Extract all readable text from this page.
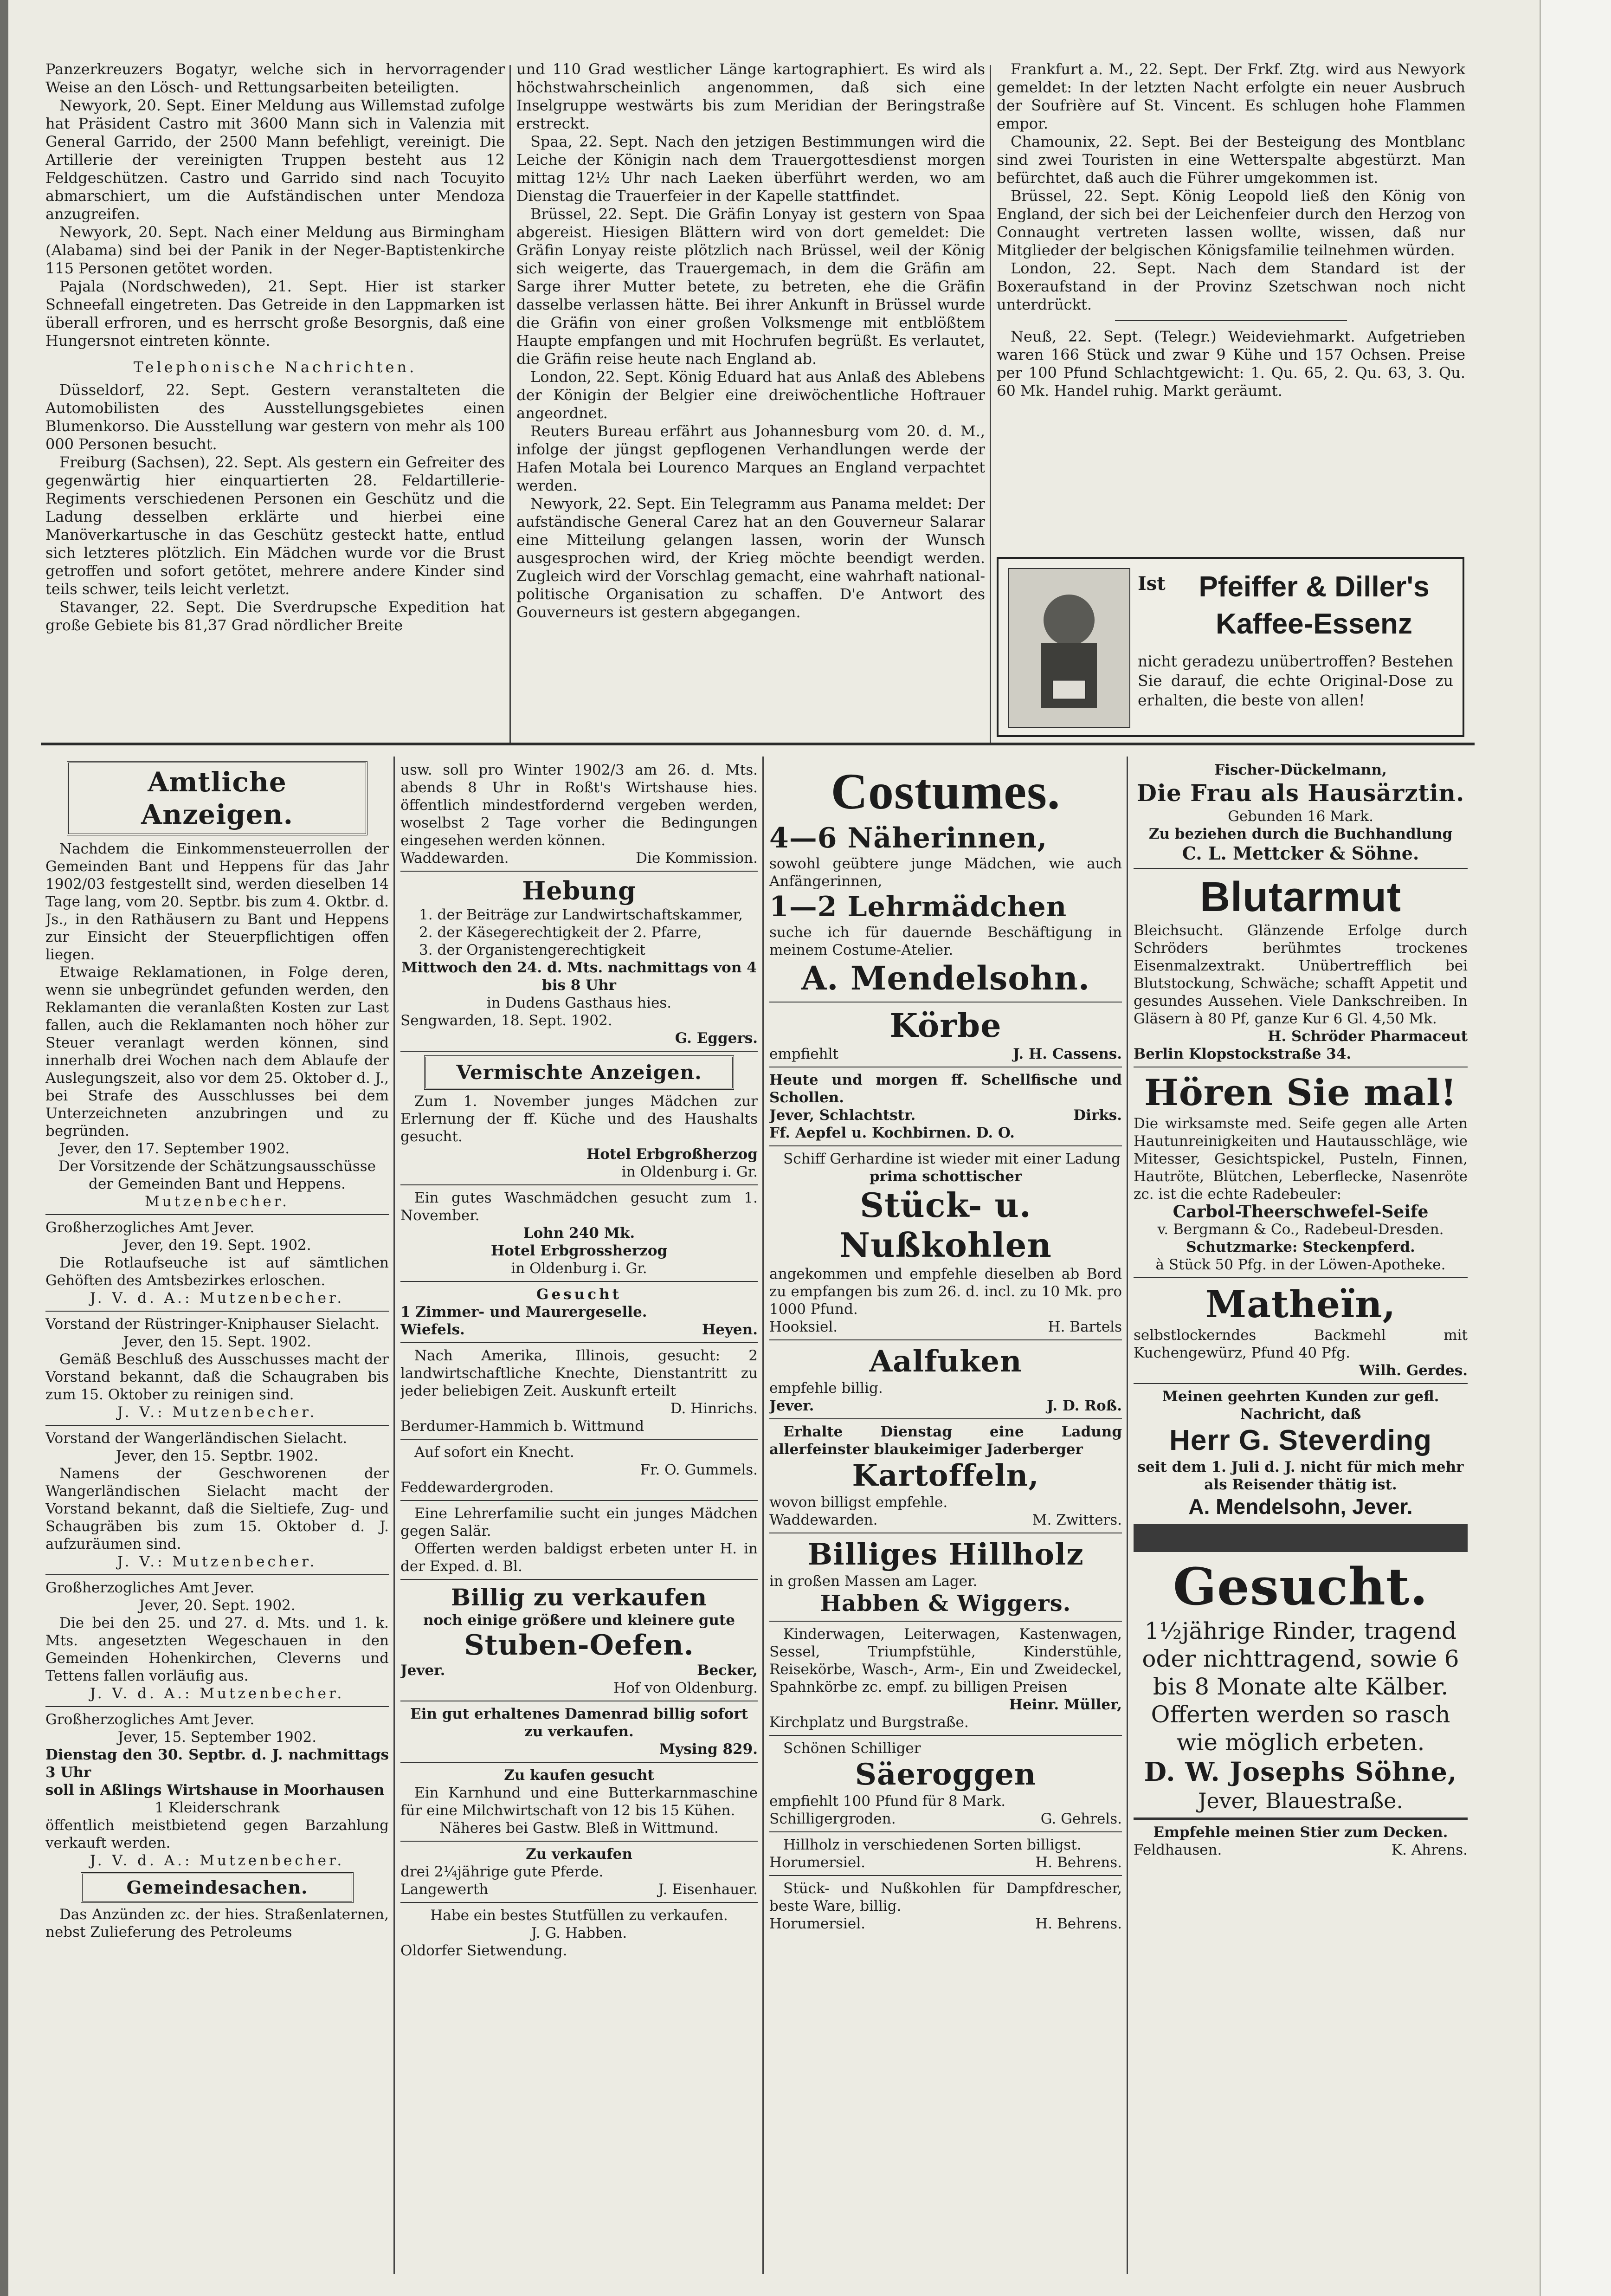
Panzerkreuzers Bogatyr, welche sich in hervorragender Weise an den Lösch- und Rettungsarbeiten beteiligten.

Newyork, 20. Sept. Einer Meldung aus Willemstad zufolge hat Präsident Castro mit 3600 Mann sich in Valenzia mit General Garrido, der 2500 Mann befehligt, vereinigt. Die Artillerie der vereinigten Truppen besteht aus 12 Feldgeschützen. Castro und Garrido sind nach Tocuyito abmarschiert, um die Aufständischen unter Mendoza anzugreifen.

Newyork, 20. Sept. Nach einer Meldung aus Birmingham (Alabama) sind bei der Panik in der Neger-Baptistenkirche 115 Personen getötet worden.

Pajala (Nordschweden), 21. Sept. Hier ist starker Schneefall eingetreten. Das Getreide in den Lappmarken ist überall erfroren, und es herrscht große Besorgnis, daß eine Hungersnot eintreten könnte.

Telephonische Nachrichten.

Düsseldorf, 22. Sept. Gestern veranstalteten die Automobilisten des Ausstellungsgebietes einen Blumenkorso. Die Ausstellung war gestern von mehr als 100 000 Personen besucht.

Freiburg (Sachsen), 22. Sept. Als gestern ein Gefreiter des gegenwärtig hier einquartierten 28. Feldartillerie-Regiments verschiedenen Personen ein Geschütz und die Ladung desselben erklärte und hierbei eine Manöverkartusche in das Geschütz gesteckt hatte, entlud sich letzteres plötzlich. Ein Mädchen wurde vor die Brust getroffen und sofort getötet, mehrere andere Kinder sind teils schwer, teils leicht verletzt.

Stavanger, 22. Sept. Die Sverdrupsche Expedition hat große Gebiete bis 81,37 Grad nördlicher Breite

und 110 Grad westlicher Länge kartographiert. Es wird als höchstwahrscheinlich angenommen, daß sich eine Inselgruppe westwärts bis zum Meridian der Beringstraße erstreckt.

Spaa, 22. Sept. Nach den jetzigen Bestimmungen wird die Leiche der Königin nach dem Trauergottesdienst morgen mittag 12½ Uhr nach Laeken überführt werden, wo am Dienstag die Trauerfeier in der Kapelle stattfindet.

Brüssel, 22. Sept. Die Gräfin Lonyay ist gestern von Spaa abgereist. Hiesigen Blättern wird von dort gemeldet: Die Gräfin Lonyay reiste plötzlich nach Brüssel, weil der König sich weigerte, das Trauergemach, in dem die Gräfin am Sarge ihrer Mutter betete, zu betreten, ehe die Gräfin dasselbe verlassen hätte. Bei ihrer Ankunft in Brüssel wurde die Gräfin von einer großen Volksmenge mit entblößtem Haupte empfangen und mit Hochrufen begrüßt. Es verlautet, die Gräfin reise heute nach England ab.

London, 22. Sept. König Eduard hat aus Anlaß des Ablebens der Königin der Belgier eine dreiwöchentliche Hoftrauer angeordnet.

Reuters Bureau erfährt aus Johannesburg vom 20. d. M., infolge der jüngst gepflogenen Verhandlungen werde der Hafen Motala bei Lourenco Marques an England verpachtet werden.

Newyork, 22. Sept. Ein Telegramm aus Panama meldet: Der aufständische General Carez hat an den Gouverneur Salarar eine Mitteilung gelangen lassen, worin der Wunsch ausgesprochen wird, der Krieg möchte beendigt werden. Zugleich wird der Vorschlag gemacht, eine wahrhaft national-politische Organisation zu schaffen. D'e Antwort des Gouverneurs ist gestern abgegangen.

Frankfurt a. M., 22. Sept. Der Frkf. Ztg. wird aus Newyork gemeldet: In der letzten Nacht erfolgte ein neuer Ausbruch der Soufrière auf St. Vincent. Es schlugen hohe Flammen empor.

Chamounix, 22. Sept. Bei der Besteigung des Montblanc sind zwei Touristen in eine Wetterspalte abgestürzt. Man befürchtet, daß auch die Führer umgekommen ist.

Brüssel, 22. Sept. König Leopold ließ den König von England, der sich bei der Leichenfeier durch den Herzog von Connaught vertreten lassen wollte, wissen, daß nur Mitglieder der belgischen Königsfamilie teilnehmen würden.

London, 22. Sept. Nach dem Standard ist der Boxeraufstand in der Provinz Szetschwan noch nicht unterdrückt.

Neuß, 22. Sept. (Telegr.) Weideviehmarkt. Aufgetrieben waren 166 Stück und zwar 9 Kühe und 157 Ochsen. Preise per 100 Pfund Schlachtgewicht: 1. Qu. 65, 2. Qu. 63, 3. Qu. 60 Mk. Handel ruhig. Markt geräumt.

Ist	Pfeiffer & Diller's
Kaffee-Essenz
nicht geradezu unübertroffen? Bestehen Sie darauf, die echte Original-Dose zu erhalten, die beste von allen!
Amtliche Anzeigen.

Nachdem die Einkommensteuerrollen der Gemeinden Bant und Heppens für das Jahr 1902/03 festgestellt sind, werden dieselben 14 Tage lang, vom 20. Septbr. bis zum 4. Oktbr. d. Js., in den Rathäusern zu Bant und Heppens zur Einsicht der Steuerpflichtigen offen liegen.

Etwaige Reklamationen, in Folge deren, wenn sie unbegründet gefunden werden, den Reklamanten die veranlaßten Kosten zur Last fallen, auch die Reklamanten noch höher zur Steuer veranlagt werden können, sind innerhalb drei Wochen nach dem Ablaufe der Auslegungszeit, also vor dem 25. Oktober d. J., bei Strafe des Ausschlusses bei dem Unterzeichneten anzubringen und zu begründen.

Jever, den 17. September 1902.

Der Vorsitzende der Schätzungsausschüsse der Gemeinden Bant und Heppens.

Mutzenbecher.

Großherzogliches Amt Jever.

Jever, den 19. Sept. 1902.

Die Rotlaufseuche ist auf sämtlichen Gehöften des Amtsbezirkes erloschen.

J. V. d. A.: Mutzenbecher.

Vorstand der Rüstringer-Kniphauser Sielacht.

Jever, den 15. Sept. 1902.

Gemäß Beschluß des Ausschusses macht der Vorstand bekannt, daß die Schaugraben bis zum 15. Oktober zu reinigen sind.

J. V.: Mutzenbecher.

Vorstand der Wangerländischen Sielacht.

Jever, den 15. Septbr. 1902.

Namens der Geschworenen der Wangerländischen Sielacht macht der Vorstand bekannt, daß die Sieltiefe, Zug- und Schaugräben bis zum 15. Oktober d. J. aufzuräumen sind.

J. V.: Mutzenbecher.

Großherzogliches Amt Jever.

Jever, 20. Sept. 1902.

Die bei den 25. und 27. d. Mts. und 1. k. Mts. angesetzten Wegeschauen in den Gemeinden Hohenkirchen, Cleverns und Tettens fallen vorläufig aus.

J. V. d. A.: Mutzenbecher.

Großherzogliches Amt Jever.

Jever, 15. September 1902.

Dienstag den 30. Septbr. d. J. nachmittags 3 Uhr

soll in Aßlings Wirtshause in Moorhausen

1 Kleiderschrank

öffentlich meistbietend gegen Barzahlung verkauft werden.

J. V. d. A.: Mutzenbecher.

Gemeindesachen.

Das Anzünden zc. der hies. Straßenlaternen, nebst Zulieferung des Petroleums

usw. soll pro Winter 1902/3 am 26. d. Mts. abends 8 Uhr in Roßt's Wirtshause hies. öffentlich mindestfordernd vergeben werden, woselbst 2 Tage vorher die Bedingungen eingesehen werden können.

Waddewarden.	Die Kommission.
Hebung

1. der Beiträge zur Landwirtschaftskammer,

2. der Käsegerechtigkeit der 2. Pfarre,

3. der Organistengerechtigkeit

Mittwoch den 24. d. Mts. nachmittags von 4 bis 8 Uhr

in Dudens Gasthaus hies.

Sengwarden, 18. Sept. 1902.

G. Eggers.

Vermischte Anzeigen.

Zum 1. November junges Mädchen zur Erlernung der ff. Küche und des Haushalts gesucht.

Hotel Erbgroßherzog

in Oldenburg i. Gr.

Ein gutes Waschmädchen gesucht zum 1. November.

Lohn 240 Mk.

Hotel Erbgrossherzog

in Oldenburg i. Gr.

Gesucht

1 Zimmer- und Maurergeselle.

Wiefels.	Heyen.

Nach Amerika, Illinois, gesucht: 2 landwirtschaftliche Knechte, Dienstantritt zu jeder beliebigen Zeit. Auskunft erteilt

D. Hinrichs.

Berdumer-Hammich b. Wittmund

Auf sofort ein Knecht.

Fr. O. Gummels.

Feddewardergroden.

Eine Lehrerfamilie sucht ein junges Mädchen gegen Salär.

Offerten werden baldigst erbeten unter H. in der Exped. d. Bl.

Billig zu verkaufen

noch einige größere und kleinere gute

Stuben-Oefen.
Jever.	Becker,

Hof von Oldenburg.

Ein gut erhaltenes Damenrad billig sofort zu verkaufen.

Mysing 829.

Zu kaufen gesucht

Ein Karnhund und eine Butterkarnmaschine für eine Milchwirtschaft von 12 bis 15 Kühen.

Näheres bei Gastw. Bleß in Wittmund.

Zu verkaufen

drei 2¼jährige gute Pferde.

Langewerth	J. Eisenhauer.

Habe ein bestes Stutfüllen zu verkaufen.

J. G. Habben.

Oldorfer Sietwendung.

Costumes.
4—6 Näherinnen,

sowohl geübtere junge Mädchen, wie auch Anfängerinnen,

1—2 Lehrmädchen

suche ich für dauernde Beschäftigung in meinem Costume-Atelier.

A. Mendelsohn.
Körbe
empfiehlt	J. H. Cassens.

Heute und morgen ff. Schellfische und Schollen.

Jever, Schlachtstr.	Dirks.

Ff. Aepfel u. Kochbirnen. D. O.

Schiff Gerhardine ist wieder mit einer Ladung

prima schottischer

Stück- u. Nußkohlen

angekommen und empfehle dieselben ab Bord zu empfangen bis zum 26. d. incl. zu 10 Mk. pro 1000 Pfund.

Hooksiel.	H. Bartels
Aalfuken

empfehle billig.

Jever.	J. D. Roß.

Erhalte Dienstag eine Ladung allerfeinster blaukeimiger Jaderberger

Kartoffeln,

wovon billigst empfehle.

Waddewarden.	M. Zwitters.
Billiges Hillholz

in großen Massen am Lager.

Habben & Wiggers.

Kinderwagen, Leiterwagen, Kastenwagen, Sessel, Triumpfstühle, Kinderstühle, Reisekörbe, Wasch-, Arm-, Ein und Zweideckel, Spahnkörbe zc. empf. zu billigen Preisen

Heinr. Müller,

Kirchplatz und Burgstraße.

Schönen Schilliger

Säeroggen

empfiehlt 100 Pfund für 8 Mark.

Schilligergroden.	G. Gehrels.

Hillholz in verschiedenen Sorten billigst.

Horumersiel.	H. Behrens.

Stück- und Nußkohlen für Dampfdrescher, beste Ware, billig.

Horumersiel.	H. Behrens.

Fischer-Dückelmann,

Die Frau als Hausärztin.

Gebunden 16 Mark.

Zu beziehen durch die Buchhandlung

C. L. Mettcker & Söhne.

Blutarmut

Bleichsucht. Glänzende Erfolge durch Schröders berühmtes trockenes Eisenmalzextrakt. Unübertrefflich bei Blutstockung, Schwäche; schafft Appetit und gesundes Aussehen. Viele Dankschreiben. In Gläsern à 80 Pf, ganze Kur 6 Gl. 4,50 Mk.

H. Schröder Pharmaceut

Berlin Klopstockstraße 34.

Hören Sie mal!

Die wirksamste med. Seife gegen alle Arten Hautunreinigkeiten und Hautausschläge, wie Mitesser, Gesichtspickel, Pusteln, Finnen, Hautröte, Blütchen, Leberflecke, Nasenröte zc. ist die echte Radebeuler:

Carbol-Theerschwefel-Seife

v. Bergmann & Co., Radebeul-Dresden.

Schutzmarke: Steckenpferd.

à Stück 50 Pfg. in der Löwen-Apotheke.

Matheïn,

selbstlockerndes Backmehl mit Kuchengewürz, Pfund 40 Pfg.

Wilh. Gerdes.

Meinen geehrten Kunden zur gefl. Nachricht, daß

Herr G. Steverding

seit dem 1. Juli d. J. nicht für mich mehr als Reisender thätig ist.

A. Mendelsohn, Jever.

Gesucht.

1½jährige Rinder, tragend oder nichttragend, sowie 6 bis 8 Monate alte Kälber.

Offerten werden so rasch wie möglich erbeten.

D. W. Josephs Söhne,

Jever, Blauestraße.

Empfehle meinen Stier zum Decken.

Feldhausen.	K. Ahrens.
